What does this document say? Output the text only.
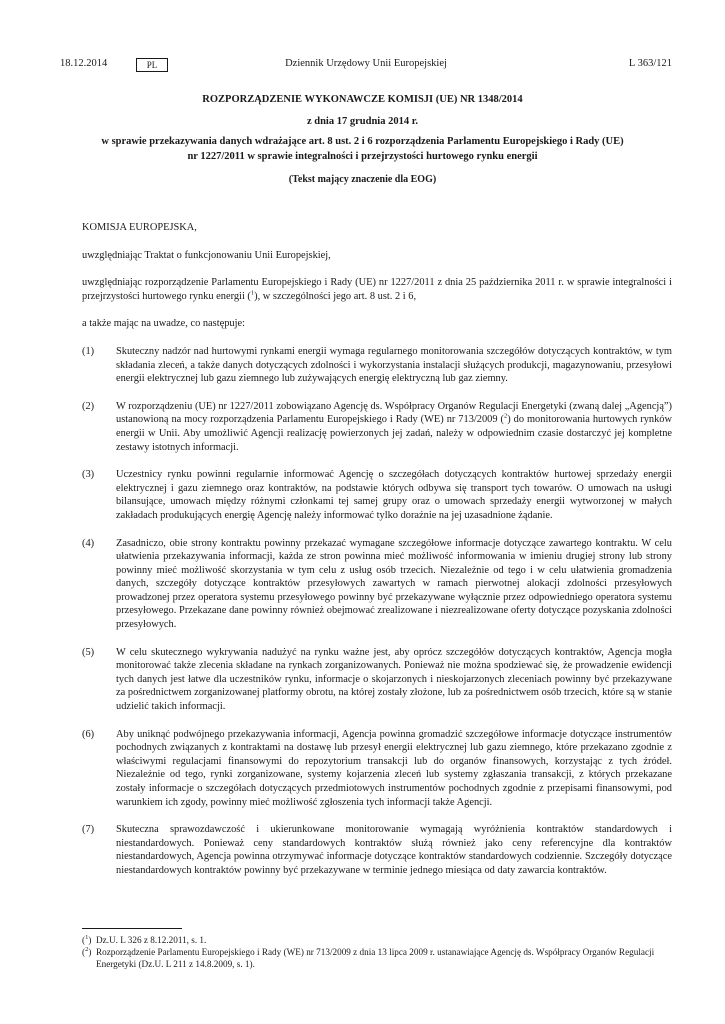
Dziennik Urzędowy Unii Europejskiej
18.12.2014	PL	L 363/121
ROZPORZĄDZENIE WYKONAWCZE KOMISJI (UE) NR 1348/2014
z dnia 17 grudnia 2014 r.
w sprawie przekazywania danych wdrażające art. 8 ust. 2 i 6 rozporządzenia Parlamentu Europejskiego i Rady (UE) nr 1227/2011 w sprawie integralności i przejrzystości hurtowego rynku energii
(Tekst mający znaczenie dla EOG)

KOMISJA EUROPEJSKA,

uwzględniając Traktat o funkcjonowaniu Unii Europejskiej,

uwzględniając rozporządzenie Parlamentu Europejskiego i Rady (UE) nr 1227/2011 z dnia 25 października 2011 r. w sprawie integralności i przejrzystości hurtowego rynku energii ($^1$), w szczególności jego art. 8 ust. 2 i 6,

a także mając na uwadze, co następuje:

(1) Skuteczny nadzór nad hurtowymi rynkami energii wymaga regularnego monitorowania szczegółów dotyczących kontraktów, w tym składania zleceń, a także danych dotyczących zdolności i wykorzystania instalacji służących produkcji, magazynowaniu, przesyłowi energii elektrycznej lub gazu ziemnego lub zużywających energię elektryczną lub gaz ziemny.
(2) W rozporządzeniu (UE) nr 1227/2011 zobowiązano Agencję ds. Współpracy Organów Regulacji Energetyki (zwaną dalej „Agencją”) ustanowioną na mocy rozporządzenia Parlamentu Europejskiego i Rady (WE) nr 713/2009 ($^2$) do monitorowania hurtowych rynków energii w Unii. Aby umożliwić Agencji realizację powierzonych jej zadań, należy w odpowiednim czasie dostarczyć jej kompletne zestawy istotnych informacji.
(3) Uczestnicy rynku powinni regularnie informować Agencję o szczegółach dotyczących kontraktów hurtowej sprzedaży energii elektrycznej i gazu ziemnego oraz kontraktów, na podstawie których odbywa się transport tych towarów. O umowach na usługi bilansujące, umowach między różnymi członkami tej samej grupy oraz o umowach sprzedaży energii wytworzonej w małych zakładach produkujących energię Agencję należy informować tylko doraźnie na jej uzasadnione żądanie.
(4) Zasadniczo, obie strony kontraktu powinny przekazać wymagane szczegółowe informacje dotyczące zawartego kontraktu. W celu ułatwienia przekazywania informacji, każda ze stron powinna mieć możliwość informowania w imieniu drugiej strony lub strony powinny mieć możliwość skorzystania w tym celu z usług osób trzecich. Niezależnie od tego i w celu ułatwienia gromadzenia danych, szczegóły dotyczące kontraktów przesyłowych zawartych w ramach pierwotnej alokacji zdolności przesyłowych prowadzonej przez operatora systemu przesyłowego powinny być przekazywane wyłącznie przez odpowiedniego operatora systemu przesyłowego. Przekazane dane powinny również obejmować zrealizowane i niezrealizowane oferty dotyczące pozyskania zdolności przesyłowych.
(5) W celu skutecznego wykrywania nadużyć na rynku ważne jest, aby oprócz szczegółów dotyczących kontraktów, Agencja mogła monitorować także zlecenia składane na rynkach zorganizowanych. Ponieważ nie można spodziewać się, że prowadzenie ewidencji tych danych jest łatwe dla uczestników rynku, informacje o skojarzonych i nieskojarzonych zleceniach powinny być przekazywane za pośrednictwem zorganizowanej platformy obrotu, na której zostały złożone, lub za pośrednictwem osób trzecich, które są w stanie udzielić takich informacji.
(6) Aby uniknąć podwójnego przekazywania informacji, Agencja powinna gromadzić szczegółowe informacje dotyczące instrumentów pochodnych związanych z kontraktami na dostawę lub przesył energii elektrycznej lub gazu ziemnego, które przekazano zgodnie z właściwymi regulacjami finansowymi do repozytorium transakcji lub do organów finansowych, korzystając z tych źródeł. Niezależnie od tego, rynki zorganizowane, systemy kojarzenia zleceń lub systemy zgłaszania transakcji, z których przekazane zostały informacje o szczegółach dotyczących przedmiotowych instrumentów pochodnych zgodnie z przepisami finansowymi, pod warunkiem ich zgody, powinny mieć możliwość zgłoszenia tych informacji także Agencji.
(7) Skuteczna sprawozdawczość i ukierunkowane monitorowanie wymagają wyróżnienia kontraktów standardowych i niestandardowych. Ponieważ ceny standardowych kontraktów służą również jako ceny referencyjne dla kontraktów niestandardowych, Agencja powinna otrzymywać informacje dotyczące kontraktów standardowych codziennie. Szczegóły dotyczące niestandardowych kontraktów powinny być przekazywane w terminie jednego miesiąca od daty zawarcia kontraktów.
($^1$) Dz.U. L 326 z 8.12.2011, s. 1.
($^2$) Rozporządzenie Parlamentu Europejskiego i Rady (WE) nr 713/2009 z dnia 13 lipca 2009 r. ustanawiające Agencję ds. Współpracy Organów Regulacji Energetyki (Dz.U. L 211 z 14.8.2009, s. 1).
